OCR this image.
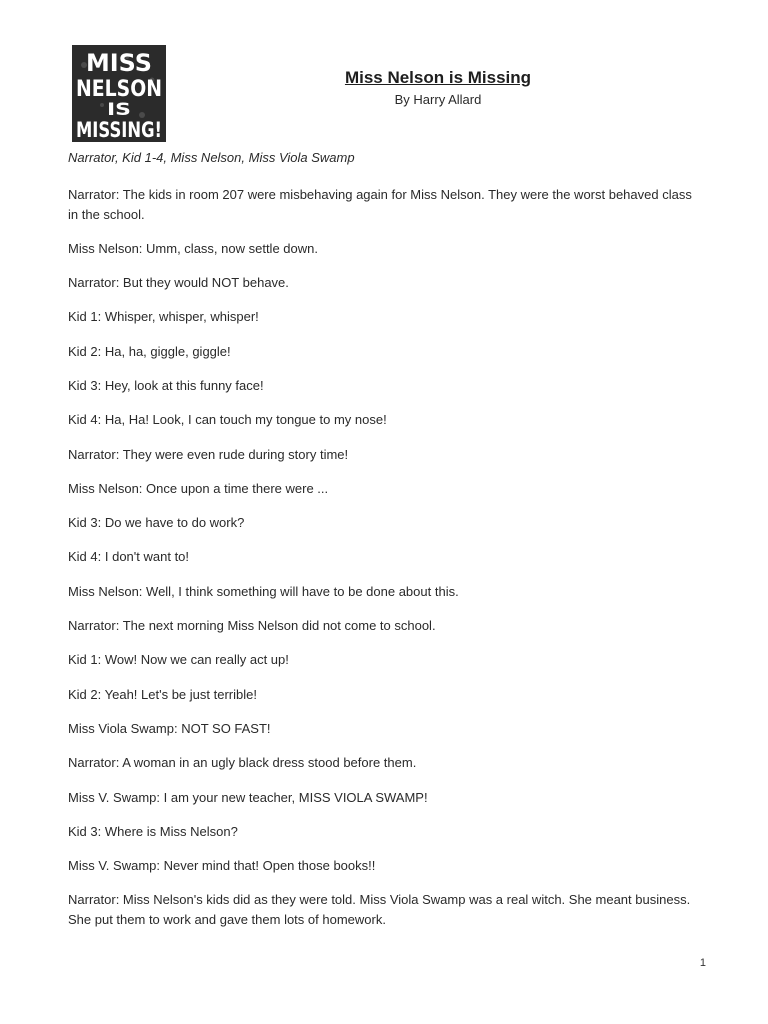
MISS
NELSON
IS
MISSING!
Miss Nelson is Missing
By Harry Allard
Narrator, Kid 1-4, Miss Nelson, Miss Viola Swamp
Narrator : The kids in room 207 were misbehaving again for Miss Nelson. They were the worst behaved class in the school.
Miss Nelson : Umm, class, now settle down.
Narrator : But they would NOT behave.
Kid 1 : Whisper, whisper, whisper!
Kid 2 : Ha, ha, giggle, giggle!
Kid 3 : Hey, look at this funny face!
Kid 4 : Ha, Ha! Look, I can touch my tongue to my nose!
Narrator : They were even rude during story time!
Miss Nelson : Once upon a time there were ...
Kid 3 : Do we have to do work?
Kid 4 : I don't want to!
Miss Nelson : Well, I think something will have to be done about this.
Narrator : The next morning Miss Nelson did not come to school.
Kid 1 : Wow! Now we can really act up!
Kid 2 : Yeah! Let's be just terrible!
Miss Viola Swamp : NOT SO FAST!
Narrator : A woman in an ugly black dress stood before them.
Miss V. Swamp : I am your new teacher, MISS VIOLA SWAMP!
Kid 3 : Where is Miss Nelson?
Miss V. Swamp : Never mind that! Open those books!!
Narrator : Miss Nelson's kids did as they were told. Miss Viola Swamp was a real witch. She meant business. She put them to work and gave them lots of homework.
1
